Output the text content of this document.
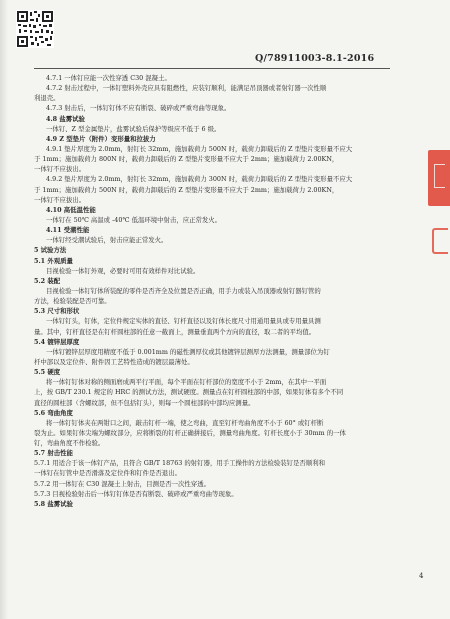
Q/78911003-8.1-2016
4.7.1 一体钉应能一次性穿透 C30 混凝土。
4.7.2 射击过程中，一体钉塑料外壳应具有阻燃性，应装钉顺利，能满足吊顶器或者射钉器一次性顺
利退壳。
4.7.3 射击后，一体钉钉体不应有断裂、破碎或严重弯曲等现象。
4.8 盐雾试验
一体钉、Z 型金属垫片，盐雾试验后保护等级应不低于 6 级。
4.9 Z 型垫片（附件）变形量和拉拔力
4.9.1 垫片厚度为 2.0mm，射钉长 32mm，施加载荷力 500N 时，载荷力卸载后的 Z 型垫片变形量不应大
于 1mm；施加载荷力 800N 时，载荷力卸载后的 Z 型垫片变形量不应大于 2mm；施加载荷力 2.00KN，
一体钉不应拔出。
4.9.2 垫片厚度为 2.0mm，射钉长 32mm，施加载荷力 300N 时，载荷力卸载后的 Z 型垫片变形量不应大
于 1mm；施加载荷力 500N 时，载荷力卸载后的 Z 型垫片变形量不应大于 2mm；施加载荷力 2.00KN，
一体钉不应拔出。
4.10 高低温性能
一体钉在 50℃ 高温或 -40℃ 低温环境中射击，应正常发火。
4.11 受潮性能
一体钉经受潮试验后，射击应能正常发火。
5 试验方法
5.1 外观质量
目视检验一体钉外观，必要时可用有效样件对比试验。
5.2 装配
目视检验一体钉钉体所装配的零件是否齐全及位置是否正确，用手力或装入吊顶器或射钉器钉管的
方法，检验装配是否可靠。
5.3 尺寸和形状
一体钉钉头，钉体，定位件规定实体的直径、钉杆直径以及钉体长度尺寸用通用量具或专用量具测
量。其中，钉杆直径是在钉杆圆柱部的任意一截面上，测量垂直两个方向的直径，取二者的平均值。
5.4 镀锌层厚度
一体钉镀锌层厚度用精度不低于 0.001mm 的磁性测厚仪或其他镀锌层测厚方法测量，测量部位为钉
杆中部以及定位件、附件因工艺特性造成的镀层最薄处。
5.5 硬度
将一体钉钉体对称的侧面磨成两平行平面，每个平面在钉杆部位的宽度不小于 2mm，在其中一平面
上，按 GB/T 230.1 规定的 HRC 的测试方法，测试硬度。测量点在钉杆圆柱部的中部，如果钉体有多个不同
直径的圆柱部（含螺纹部，但不包括钉头），则每一个圆柱部的中部均应测量。
5.6 弯曲角度
将一体钉钉体夹在两钳口之间，敲击钉杆一端，使之弯曲，直至钉杆弯曲角度不小于 60° 或钉杆断
裂为止。如果钉体尖端为螺纹部分，应将断裂的钉杆正确拼接后，测量弯曲角度。钉杆长度小于 30mm 的一体
钉，弯曲角度不作检验。
5.7 射击性能
5.7.1 用适合于该一体钉产品，且符合 GB/T 18763 的射钉器，用手工操作的方法检验装钉是否顺利和
一体钉在钉管中是否滑落及定位件和钉件是否退出。
5.7.2 用一体钉在 C30 混凝土上射击，目测是否一次性穿透。
5.7.3 目视检验射击后一体钉钉体是否有断裂、破碎或严重弯曲等现象。
5.8 盐雾试验
4
